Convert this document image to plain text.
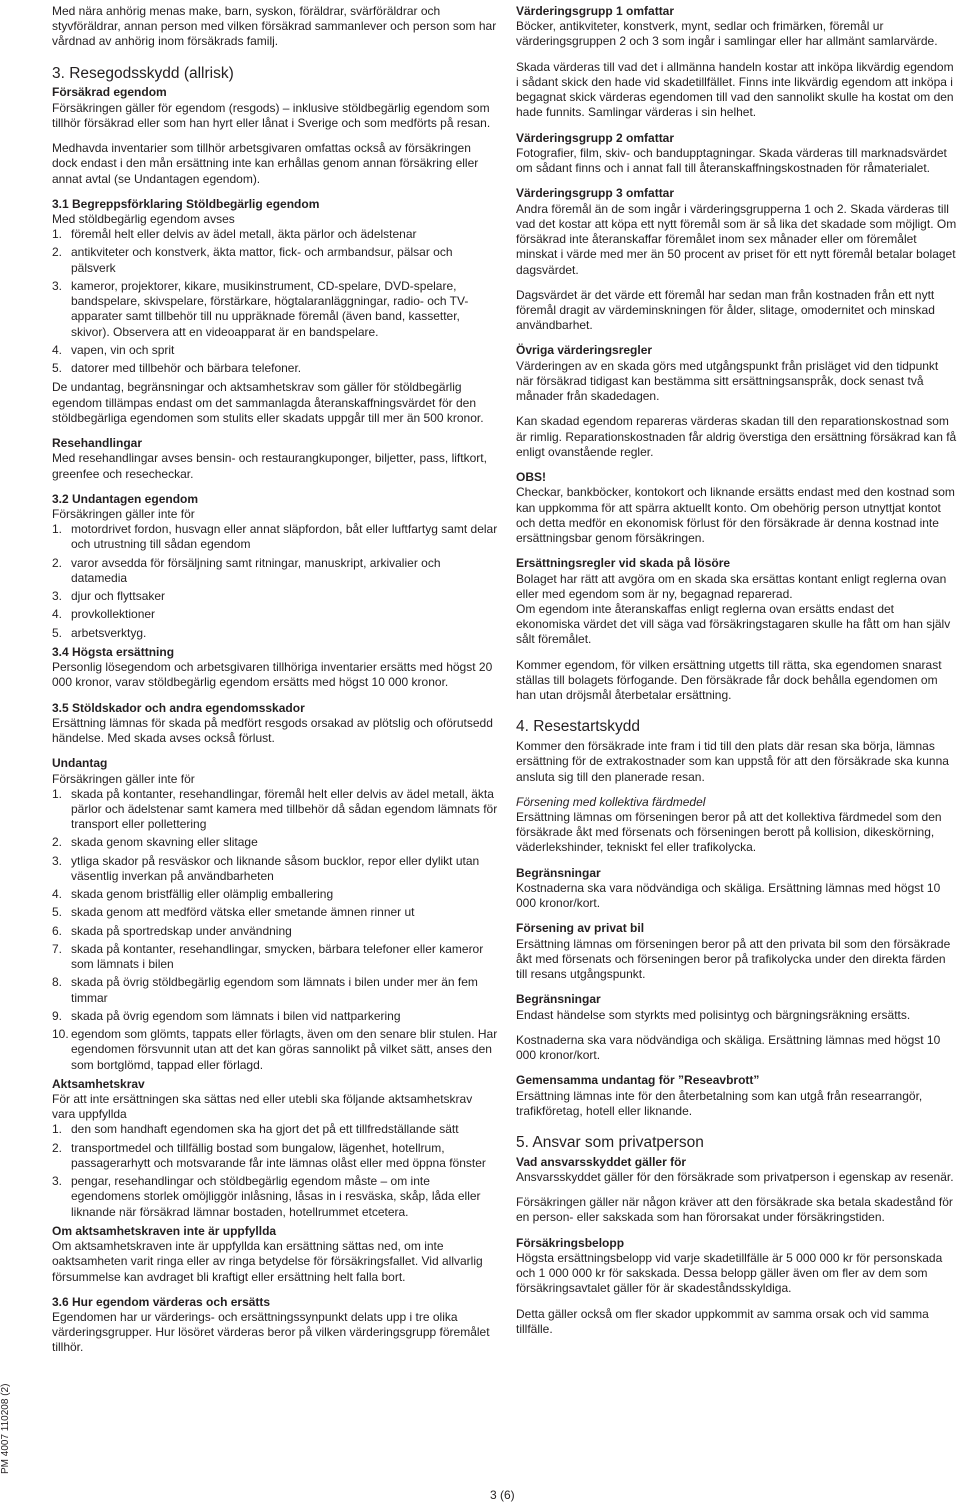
Med nära anhörig menas make, barn, syskon, föräldrar, svärföräldrar och styvföräldrar, annan person med vilken försäkrad sammanlever och person som har vårdnad av anhörig inom försäkrads familj.

3. Resegodsskydd (allrisk)
Försäkrad egendom

Försäkringen gäller för egendom (resgods) – inklusive stöldbegärlig egendom som tillhör försäkrad eller som han hyrt eller lånat i Sverige och som medförts på resan.

Medhavda inventarier som tillhör arbetsgivaren omfattas också av försäkringen dock endast i den mån ersättning inte kan erhållas genom annan försäkring eller annat avtal (se Undantagen egendom).

3.1 Begreppsförklaring Stöldbegärlig egendom
Med stöldbegärlig egendom avses
1. föremål helt eller delvis av ädel metall, äkta pärlor och ädelstenar
2. antikviteter och konstverk, äkta mattor, fick- och armbandsur, pälsar och pälsverk
3. kameror, projektorer, kikare, musikinstrument, CD-spelare, DVD-spelare, bandspelare, skivspelare, förstärkare, högtalaranläggningar, radio- och TV-apparater samt tillbehör till nu uppräknade föremål (även band, kassetter, skivor). Observera att en videoapparat är en bandspelare.
4. vapen, vin och sprit
5. datorer med tillbehör och bärbara telefoner.

De undantag, begränsningar och aktsamhetskrav som gäller för stöldbegärlig egendom tillämpas endast om det sammanlagda återanskaffningsvärdet för den stöldbegärliga egendomen som stulits eller skadats uppgår till mer än 500 kronor.

Resehandlingar

Med resehandlingar avses bensin- och restaurangkuponger, biljetter, pass, liftkort, greenfee och resecheckar.

3.2 Undantagen egendom
Försäkringen gäller inte för
1. motordrivet fordon, husvagn eller annat släpfordon, båt eller luftfartyg samt delar och utrustning till sådan egendom
2. varor avsedda för försäljning samt ritningar, manuskript, arkivalier och datamedia
3. djur och flyttsaker
4. provkollektioner
5. arbetsverktyg.
3.4 Högsta ersättning

Personlig lösegendom och arbetsgivaren tillhöriga inventarier ersätts med högst 20 000 kronor, varav stöldbegärlig egendom ersätts med högst 10 000 kronor.

3.5 Stöldskador och andra egendomsskador

Ersättning lämnas för skada på medfört resgods orsakad av plötslig och oförutsedd händelse. Med skada avses också förlust.

Undantag
Försäkringen gäller inte för
1. skada på kontanter, resehandlingar, föremål helt eller delvis av ädel metall, äkta pärlor och ädelstenar samt kamera med tillbehör då sådan egendom lämnats för transport eller pollettering
2. skada genom skavning eller slitage
3. ytliga skador på resväskor och liknande såsom bucklor, repor eller dylikt utan väsentlig inverkan på användbarheten
4. skada genom bristfällig eller olämplig emballering
5. skada genom att medförd vätska eller smetande ämnen rinner ut
6. skada på sportredskap under användning
7. skada på kontanter, resehandlingar, smycken, bärbara telefoner eller kameror som lämnats i bilen
8. skada på övrig stöldbegärlig egendom som lämnats i bilen under mer än fem timmar
9. skada på övrig egendom som lämnats i bilen vid nattparkering
10. egendom som glömts, tappats eller förlagts, även om den senare blir stulen. Har egendomen försvunnit utan att det kan göras sannolikt på vilket sätt, anses den som bortglömd, tappad eller förlagd.
Aktsamhetskrav
För att inte ersättningen ska sättas ned eller utebli ska följande aktsamhetskrav vara uppfyllda
1. den som handhaft egendomen ska ha gjort det på ett tillfredställande sätt
2. transportmedel och tillfällig bostad som bungalow, lägenhet, hotellrum, passagerarhytt och motsvarande får inte lämnas olåst eller med öppna fönster
3. pengar, resehandlingar och stöldbegärlig egendom måste – om inte egendomens storlek omöjliggör inlåsning, låsas in i resväska, skåp, låda eller liknande när försäkrad lämnar bostaden, hotellrummet etcetera.
Om aktsamhetskraven inte är uppfyllda

Om aktsamhetskraven inte är uppfyllda kan ersättning sättas ned, om inte oaktsamheten varit ringa eller av ringa betydelse för försäkringsfallet. Vid allvarlig försummelse kan avdraget bli kraftigt eller ersättning helt falla bort.

3.6 Hur egendom värderas och ersätts

Egendomen har ur värderings- och ersättningssynpunkt delats upp i tre olika värderingsgrupper. Hur lösöret värderas beror på vilken värderingsgrupp föremålet tillhör.

Värderingsgrupp 1 omfattar

Böcker, antikviteter, konstverk, mynt, sedlar och frimärken, föremål ur värderingsgruppen 2 och 3 som ingår i samlingar eller har allmänt samlarvärde.

Skada värderas till vad det i allmänna handeln kostar att inköpa likvärdig egendom i sådant skick den hade vid skadetillfället. Finns inte likvärdig egendom att inköpa i begagnat skick värderas egendomen till vad den sannolikt skulle ha kostat om den hade funnits. Samlingar värderas i sin helhet.

Värderingsgrupp 2 omfattar

Fotografier, film, skiv- och bandupptagningar. Skada värderas till marknadsvärdet om sådant finns och i annat fall till återanskaffningskostnaden för råmaterialet.

Värderingsgrupp 3 omfattar

Andra föremål än de som ingår i värderingsgrupperna 1 och 2. Skada värderas till vad det kostar att köpa ett nytt föremål som är så lika det skadade som möjligt. Om försäkrad inte återanskaffar föremålet inom sex månader eller om föremålet minskat i värde med mer än 50 procent av priset för ett nytt föremål betalar bolaget dagsvärdet.

Dagsvärdet är det värde ett föremål har sedan man från kostnaden från ett nytt föremål dragit av värdeminskningen för ålder, slitage, omodernitet och minskad användbarhet.

Övriga värderingsregler

Värderingen av en skada görs med utgångspunkt från prisläget vid den tidpunkt när försäkrad tidigast kan bestämma sitt ersättningsanspråk, dock senast två månader från skadedagen.

Kan skadad egendom repareras värderas skadan till den reparationskostnad som är rimlig. Reparationskostnaden får aldrig överstiga den ersättning försäkrad kan få enligt ovanstående regler.

OBS!

Checkar, bankböcker, kontokort och liknande ersätts endast med den kostnad som kan uppkomma för att spärra aktuellt konto. Om obehörig person utnyttjat kontot och detta medför en ekonomisk förlust för den försäkrade är denna kostnad inte ersättningsbar genom försäkringen.

Ersättningsregler vid skada på lösöre
Bolaget har rätt att avgöra om en skada ska ersättas kontant enligt reglerna ovan eller med egendom som är ny, begagnad reparerad.

Om egendom inte återanskaffas enligt reglerna ovan ersätts endast det ekonomiska värdet det vill säga vad försäkringstagaren skulle ha fått om han själv sålt föremålet.

Kommer egendom, för vilken ersättning utgetts till rätta, ska egendomen snarast ställas till bolagets förfogande. Den försäkrade får dock behålla egendomen om han utan dröjsmål återbetalar ersättning.

4. Resestartskydd

Kommer den försäkrade inte fram i tid till den plats där resan ska börja, lämnas ersättning för de extrakostnader som kan uppstå för att den försäkrade ska kunna ansluta sig till den planerade resan.

Försening med kollektiva färdmedel

Ersättning lämnas om förseningen beror på att det kollektiva färdmedel som den försäkrade åkt med försenats och förseningen berott på kollision, dikeskörning, väderlekshinder, tekniskt fel eller trafikolycka.

Begränsningar

Kostnaderna ska vara nödvändiga och skäliga. Ersättning lämnas med högst 10 000 kronor/kort.

Försening av privat bil

Ersättning lämnas om förseningen beror på att den privata bil som den försäkrade åkt med försenats och förseningen beror på trafikolycka under den direkta färden till resans utgångspunkt.

Begränsningar

Endast händelse som styrkts med polisintyg och bärgningsräkning ersätts.

Kostnaderna ska vara nödvändiga och skäliga. Ersättning lämnas med högst 10 000 kronor/kort.

Gemensamma undantag för ”Reseavbrott”

Ersättning lämnas inte för den återbetalning som kan utgå från researrangör, trafikföretag, hotell eller liknande.

5. Ansvar som privatperson
Vad ansvarsskyddet gäller för

Ansvarsskyddet gäller för den försäkrade som privatperson i egenskap av resenär.

Försäkringen gäller när någon kräver att den försäkrade ska betala skadestånd för en person- eller sakskada som han förorsakat under försäkringstiden.

Försäkringsbelopp

Högsta ersättningsbelopp vid varje skadetillfälle är 5 000 000 kr för personskada och 1 000 000 kr för sakskada. Dessa belopp gäller även om fler av dem som försäkringsavtalet gäller för är skadeståndsskyldiga.

Detta gäller också om fler skador uppkommit av samma orsak och vid samma tillfälle.

PM 4007 110208 (2)
3 (6)
